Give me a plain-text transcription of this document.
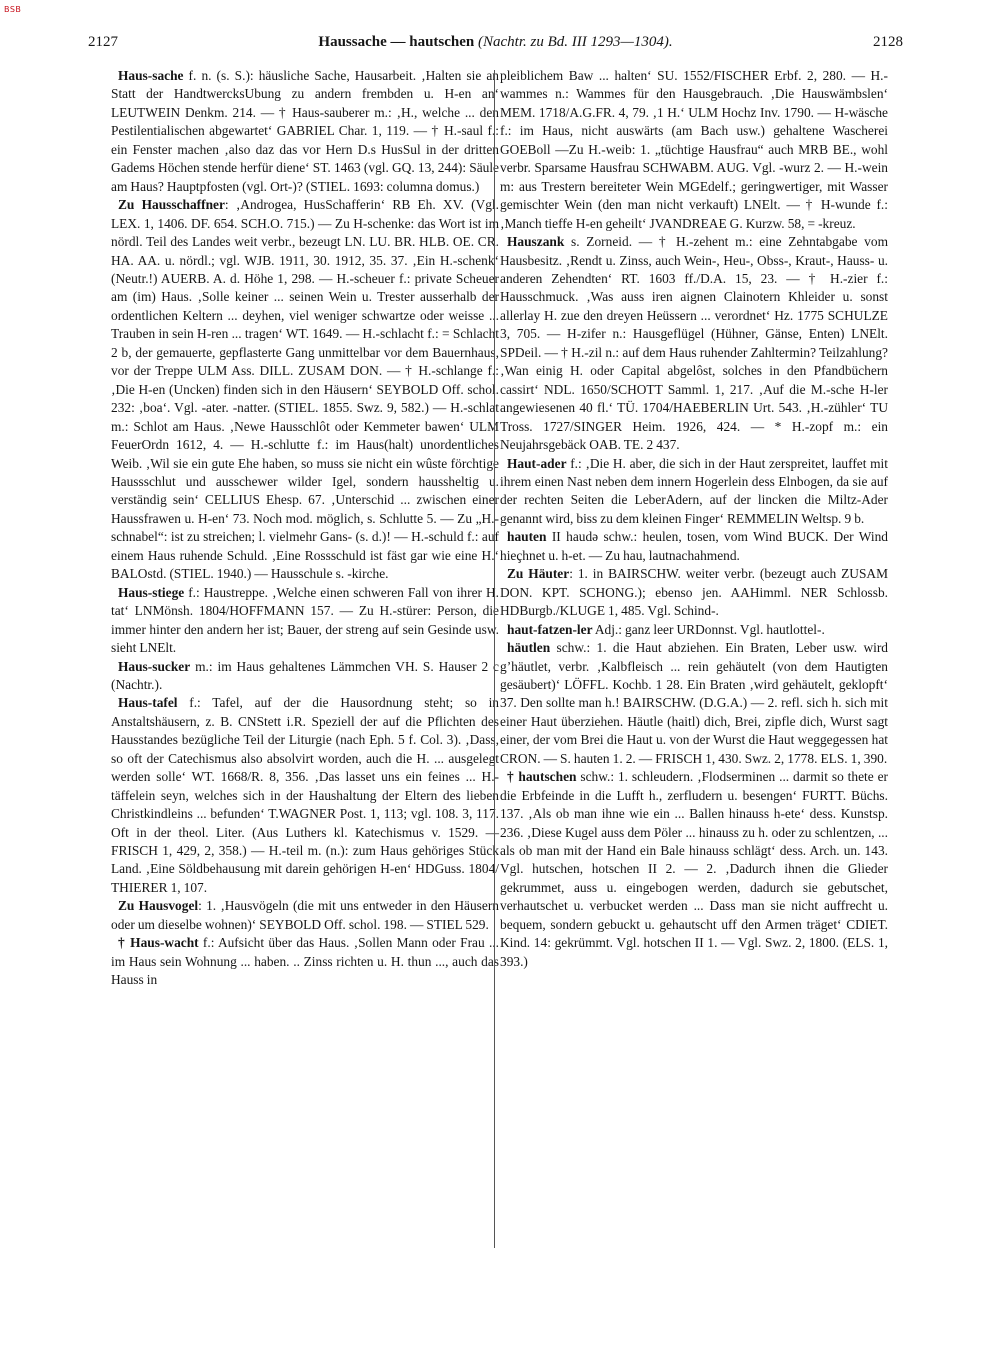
BSB
2127	Haussache — hautschen (Nachtr. zu Bd. III 1293—1304).	2128

Haus-sache f. n. (s. S.): häusliche Sache, Hausarbeit. ‚Halten sie an Statt der HandtwercksUbung zu andern frembden u. H-en an‘ LEUTWEIN Denkm. 214. — † Haus-sauberer m.: ‚H., welche ... den Pestilentialischen abgewartet‘ GABRIEL Char. 1, 119. — † H.-saul f.: ein Fenster machen ‚also daz das vor Hern D.s HusSul in der dritten Gadems Höchen stende herfür diene‘ ST. 1463 (vgl. GQ. 13, 244): Säule am Haus? Hauptpfosten (vgl. Ort-)? (STIEL. 1693: columna domus.)

Zu Hausschaffner: ‚Androgea, HusSchafferin‘ RB Eh. XV. (Vgl. LEX. 1, 1406. DF. 654. SCH.O. 715.) — Zu H-schenke: das Wort ist im nördl. Teil des Landes weit verbr., bezeugt LN. LU. BR. HLB. OE. CR. HA. AA. u. nördl.; vgl. WJB. 1911, 30. 1912, 35. 37. ‚Ein H.-schenk‘ (Neutr.!) AUERB. A. d. Höhe 1, 298. — H.-scheuer f.: private Scheuer am (im) Haus. ‚Solle keiner ... seinen Wein u. Trester ausserhalb der ordentlichen Keltern ... deyhen, viel weniger schwartze oder weisse ... Trauben in sein H-ren ... tragen‘ WT. 1649. — H.-schlacht f.: = Schlacht 2 b, der gemauerte, gepflasterte Gang unmittelbar vor dem Bauernhaus, vor der Treppe ULM Ass. DILL. ZUSAM DON. — † H.-schlange f.: ‚Die H-en (Uncken) finden sich in den Häusern‘ SEYBOLD Off. schol. 232: ‚boa‘. Vgl. -ater. -natter. (STIEL. 1855. Swz. 9, 582.) — H.-schlat m.: Schlot am Haus. ‚Newe Hausschlôt oder Kemmeter bawen‘ ULM FeuerOrdn 1612, 4. — H.-schlutte f.: im Haus(halt) unordentliches Weib. ‚Wil sie ein gute Ehe haben, so muss sie nicht ein wûste förchtige Haussschlut und ausschewer wilder Igel, sondern haussheltig u. verständig sein‘ CELLIUS Ehesp. 67. ‚Unterschid ... zwischen einer Haussfrawen u. H-en‘ 73. Noch mod. möglich, s. Schlutte 5. — Zu „H.-schnabel“: ist zu streichen; l. vielmehr Gans- (s. d.)! — H.-schuld f.: auf einem Haus ruhende Schuld. ‚Eine Rossschuld ist fäst gar wie eine H.‘ BALOstd. (STIEL. 1940.) — Hausschule s. -kirche.

Haus-stiege f.: Haustreppe. ‚Welche einen schweren Fall von ihrer H. tat‘ LNMönsh. 1804/HOFFMANN 157. — Zu H.-stürer: Person, die immer hinter den andern her ist; Bauer, der streng auf sein Gesinde usw. sieht LNElt.

Haus-sucker m.: im Haus gehaltenes Lämmchen VH. S. Hauser 2 c (Nachtr.).

Haus-tafel f.: Tafel, auf der die Hausordnung steht; so in Anstaltshäusern, z. B. CNStett i.R. Speziell der auf die Pflichten des Hausstandes bezügliche Teil der Liturgie (nach Eph. 5 f. Col. 3). ‚Dass, so oft der Catechismus also absolvirt worden, auch die H. ... ausgelegt werden solle‘ WT. 1668/R. 8, 356. ‚Das lasset uns ein feines ... H.-täffelein seyn, welches sich in der Haushaltung der Eltern des lieben Christkindleins ... befunden‘ T.WAGNER Post. 1, 113; vgl. 108. 3, 117. Oft in der theol. Liter. (Aus Luthers kl. Katechismus v. 1529. — FRISCH 1, 429, 2, 358.) — H.-teil m. (n.): zum Haus gehöriges Stück Land. ‚Eine Söldbehausung mit darein gehörigen H-en‘ HDGuss. 1804/ THIERER 1, 107.

Zu Hausvogel: 1. ‚Hausvögeln (die mit uns entweder in den Häusern oder um dieselbe wohnen)‘ SEYBOLD Off. schol. 198. — STIEL 529.

† Haus-wacht f.: Aufsicht über das Haus. ‚Sollen Mann oder Frau ... im Haus sein Wohnung ... haben. .. Zinss richten u. H. thun ..., auch das Hauss in

pleiblichem Baw ... halten‘ SU. 1552/FISCHER Erbf. 2, 280. — H.-wammes n.: Wammes für den Hausgebrauch. ‚Die Hauswämbslen‘ MEM. 1718/A.G.FR. 4, 79. ‚1 H.‘ ULM Hochz Inv. 1790. — H-wäsche f.: im Haus, nicht auswärts (am Bach usw.) gehaltene Wascherei GOEBoll —Zu H.-weib: 1. „tüchtige Hausfrau“ auch MRB BE., wohl verbr. Sparsame Hausfrau SCHWABM. AUG. Vgl. -wurz 2. — H.-wein m: aus Trestern bereiteter Wein MGEdelf.; geringwertiger, mit Wasser gemischter Wein (den man nicht verkauft) LNElt. — † H-wunde f.: ‚Manch tieffe H-en geheilt‘ JVANDREAE G. Kurzw. 58, = -kreuz.

Hauszank s. Zorneid. — † H.-zehent m.: eine Zehntabgabe vom Hausbesitz. ‚Rendt u. Zinss, auch Wein-, Heu-, Obss-, Kraut-, Hauss- u. anderen Zehendten‘ RT. 1603 ff./D.A. 15, 23. — † H.-zier f.: Hausschmuck. ‚Was auss iren aignen Clainotern Khleider u. sonst allerlay H. zue den dreyen Heüssern ... verordnet‘ Hz. 1775 SCHULZE 3, 705. — H-zifer n.: Hausgeflügel (Hühner, Gänse, Enten) LNElt. SPDeil. — † H.-zil n.: auf dem Haus ruhender Zahltermin? Teilzahlung? ‚Wan einig H. oder Capital abgelôst, solches in den Pfandbüchern cassirt‘ NDL. 1650/SCHOTT Samml. 1, 217. ‚Auf die M.-sche H-ler angewiesenen 40 fl.‘ TÜ. 1704/HAEBERLIN Urt. 543. ‚H.-zühler‘ TU Tross. 1727/SINGER Heim. 1926, 424. — * H.-zopf m.: ein Neujahrsgebäck OAB. TE. 2 437.

Haut-ader f.: ‚Die H. aber, die sich in der Haut zerspreitet, lauffet mit ihrem einen Nast neben dem innern Hogerlein dess Elnbogen, da sie auf der rechten Seiten die LeberAdern, auf der lincken die Miltz-Ader genannt wird, biss zu dem kleinen Finger‘ REMMELIN Weltsp. 9 b.

hauten II haudə schw.: heulen, tosen, vom Wind BUCK. Der Wind hieҫhnet u. h-et. — Zu hau, lautnachahmend.

Zu Häuter: 1. in BAIRSCHW. weiter verbr. (bezeugt auch ZUSAM DON. KPT. SCHONG.); ebenso jen. AAHimml. NER Schlossb. HDBurgb./KLUGE 1, 485. Vgl. Schind-.

haut-fatzen-ler Adj.: ganz leer URDonnst. Vgl. hautlottel-.

häutlen schw.: 1. die Haut abziehen. Ein Braten, Leber usw. wird gʼhäutlet, verbr. ‚Kalbfleisch ... rein gehäutelt (von dem Hautigten gesäubert)‘ LÖFFL. Kochb. 1 28. Ein Braten ‚wird gehäutelt, geklopft‘ 37. Den sollte man h.! BAIRSCHW. (D.G.A.) — 2. refl. sich h. sich mit einer Haut überziehen. Häutle (haitl) dich, Brei, zipfle dich, Wurst sagt einer, der vom Brei die Haut u. von der Wurst die Haut weggegessen hat CRON. — S. hauten 1. 2. — FRISCH 1, 430. Swz. 2, 1778. ELS. 1, 390.

† hautschen schw.: 1. schleudern. ‚Flodserminen ... darmit so thete er die Erbfeinde in die Lufft h., zerfludern u. besengen‘ FURTT. Büchs. 137. ‚Als ob man ihne wie ein ... Ballen hinauss h-ete‘ dess. Kunstsp. 236. ‚Diese Kugel auss dem Pöler ... hinauss zu h. oder zu schlentzen, ... als ob man mit der Hand ein Bale hinauss schlägt‘ dess. Arch. un. 143. Vgl. hutschen, hotschen II 2. — 2. ‚Dadurch ihnen die Glieder gekrummet, auss u. eingebogen werden, dadurch sie gebutschet, verhautschet u. verbucket werden ... Dass man sie nicht auffrecht u. bequem, sondern gebuckt u. gehautscht uff den Armen träget‘ CDIET. Kind. 14: gekrümmt. Vgl. hotschen II 1. — Vgl. Swz. 2, 1800. (ELS. 1, 393.)
